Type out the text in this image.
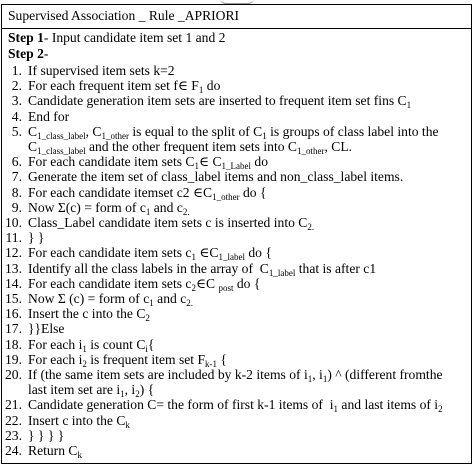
Supervised Association _ Rule _APRIORI
Step 1- Input candidate item set 1 and 2
Step 2-
1. If supervised item sets k=2
2. For each frequent item set f∈ $F_1$ do
3. Candidate generation item sets are inserted to frequent item set fins $C_1$
4. End for
5. $C_{1\_class\_label}$, $C_{1\_other}$ is equal to the split of $C_1$ is groups of class label into the
$C_{1\_class\_label}$ and the other frequent item sets into $C_{1\_other}$, CL.
6. For each candidate item sets $C_1\in$ $C_{1\_Label}$ do
7. Generate the item set of class_label items and non_class_label items.
8. For each candidate itemset c2 $\in C_{1\_other}$ do {
9. Now Σ(c) = form of $c_1$ and $c_{2.}$
10. Class_Label candidate item sets c is inserted into $C_{2.}$
11. } }
12. For each candidate item sets $c_1$ $\in C_{1\_label}$ do {
13. Identify all the class labels in the array of  $C_{1\_label}$ that is after c1
14. For each candidate item sets $c_2\in C$ $_{post}$ do {
15. Now Σ (c) = form of $c_1$ and $c_{2.}$
16. Insert the c into the $C_2$
17. }}Else
18. For each $i_1$ is count $C_i${
19. For each $i_2$ is frequent item set $F_{k-1}$ {
20. If (the same item sets are included by k-2 items of $i_1$, $i_1$) ^ (different fromthe
last item set are $i_1$, $i_2$) {
21. Candidate generation C= the form of first k-1 items of  $i_1$ and last items of $i_2$
22. Insert c into the $C_k$
23. } } } }
24. Return $C_k$
